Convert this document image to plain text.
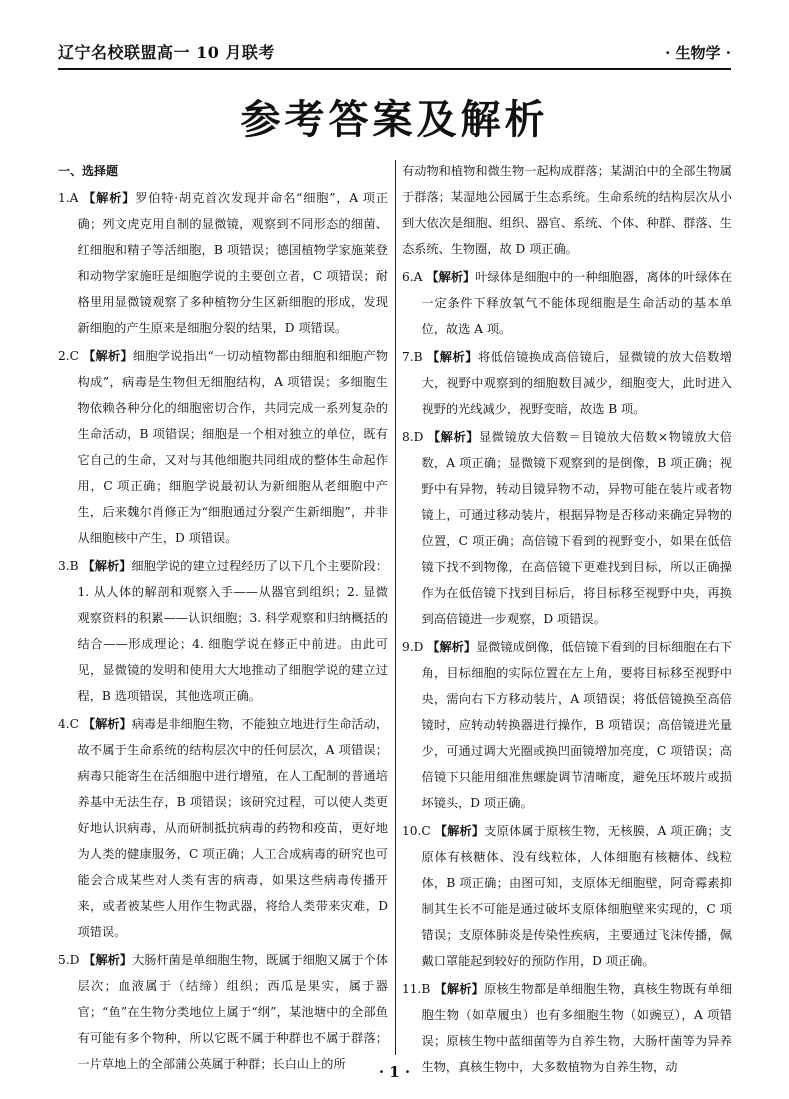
辽宁名校联盟高一 10 月联考	· 生物学 ·
参考答案及解析
一、选择题
1.A 【解析】罗伯特·胡克首次发现并命名“细胞”，A 项正确；列文虎克用自制的显微镜，观察到不同形态的细菌、红细胞和精子等活细胞，B 项错误；德国植物学家施莱登和动物学家施旺是细胞学说的主要创立者，C 项错误；耐格里用显微镜观察了多种植物分生区新细胞的形成，发现新细胞的产生原来是细胞分裂的结果，D 项错误。
2.C 【解析】细胞学说指出“一切动植物都由细胞和细胞产物构成”，病毒是生物但无细胞结构，A 项错误；多细胞生物依赖各种分化的细胞密切合作，共同完成一系列复杂的生命活动，B 项错误；细胞是一个相对独立的单位，既有它自己的生命，又对与其他细胞共同组成的整体生命起作用，C 项正确；细胞学说最初认为新细胞从老细胞中产生，后来魏尔肖修正为“细胞通过分裂产生新细胞”，并非从细胞核中产生，D 项错误。
3.B 【解析】细胞学说的建立过程经历了以下几个主要阶段：1. 从人体的解剖和观察入手——从器官到组织；2. 显微观察资料的积累——认识细胞；3. 科学观察和归纳概括的结合——形成理论；4. 细胞学说在修正中前进。由此可见，显微镜的发明和使用大大地推动了细胞学说的建立过程，B 选项错误，其他选项正确。
4.C 【解析】病毒是非细胞生物，不能独立地进行生命活动，故不属于生命系统的结构层次中的任何层次，A 项错误；病毒只能寄生在活细胞中进行增殖，在人工配制的普通培养基中无法生存，B 项错误；该研究过程，可以使人类更好地认识病毒，从而研制抵抗病毒的药物和疫苗，更好地为人类的健康服务，C 项正确；人工合成病毒的研究也可能会合成某些对人类有害的病毒，如果这些病毒传播开来，或者被某些人用作生物武器，将给人类带来灾难，D 项错误。
5.D 【解析】大肠杆菌是单细胞生物，既属于细胞又属于个体层次；血液属于（结缔）组织；西瓜是果实，属于器官；“鱼”在生物分类地位上属于“纲”，某池塘中的全部鱼有可能有多个物种，所以它既不属于种群也不属于群落；一片草地上的全部蒲公英属于种群；长白山上的所
有动物和植物和微生物一起构成群落；某湖泊中的全部生物属于群落；某湿地公园属于生态系统。生命系统的结构层次从小到大依次是细胞、组织、器官、系统、个体、种群、群落、生态系统、生物圈，故 D 项正确。
6.A 【解析】叶绿体是细胞中的一种细胞器，离体的叶绿体在一定条件下释放氧气不能体现细胞是生命活动的基本单位，故选 A 项。
7.B 【解析】将低倍镜换成高倍镜后，显微镜的放大倍数增大，视野中观察到的细胞数目减少，细胞变大，此时进入视野的光线减少，视野变暗，故选 B 项。
8.D 【解析】显微镜放大倍数＝目镜放大倍数×物镜放大倍数，A 项正确；显微镜下观察到的是倒像，B 项正确；视野中有异物，转动目镜异物不动，异物可能在装片或者物镜上，可通过移动装片，根据异物是否移动来确定异物的位置，C 项正确；高倍镜下看到的视野变小，如果在低倍镜下找不到物像，在高倍镜下更难找到目标，所以正确操作为在低倍镜下找到目标后，将目标移至视野中央，再换到高倍镜进一步观察，D 项错误。
9.D 【解析】显微镜成倒像，低倍镜下看到的目标细胞在右下角，目标细胞的实际位置在左上角，要将目标移至视野中央，需向右下方移动装片，A 项错误；将低倍镜换至高倍镜时，应转动转换器进行操作，B 项错误；高倍镜进光量少，可通过调大光圈或换凹面镜增加亮度，C 项错误；高倍镜下只能用细准焦螺旋调节清晰度，避免压坏玻片或损坏镜头，D 项正确。
10.C 【解析】支原体属于原核生物，无核膜，A 项正确；支原体有核糖体、没有线粒体，人体细胞有核糖体、线粒体，B 项正确；由图可知，支原体无细胞壁，阿奇霉素抑制其生长不可能是通过破坏支原体细胞壁来实现的，C 项错误；支原体肺炎是传染性疾病，主要通过飞沫传播，佩戴口罩能起到较好的预防作用，D 项正确。
11.B 【解析】原核生物都是单细胞生物，真核生物既有单细胞生物（如草履虫）也有多细胞生物（如豌豆），A 项错误；原核生物中蓝细菌等为自养生物，大肠杆菌等为异养生物，真核生物中，大多数植物为自养生物，动
· 1 ·
